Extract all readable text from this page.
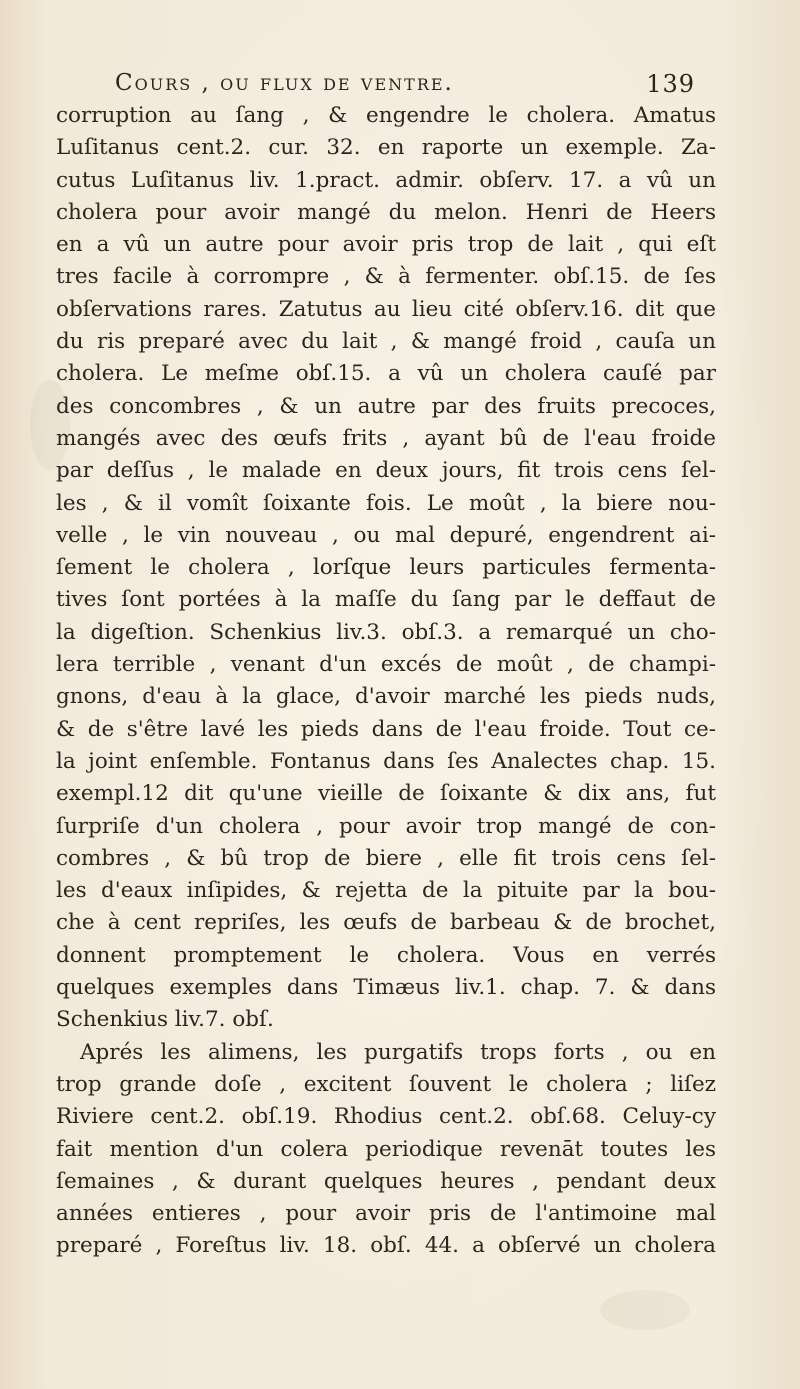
Cours , ou flux de ventre.	139
corruption au ſang , & engendre le cholera. Amatus
Luſitanus cent.2. cur. 32. en raporte un exemple. Za-
cutus Luſitanus liv. 1.pract. admir. obſerv. 17. a vû un
cholera pour avoir mangé du melon. Henri de Heers
en a vû un autre pour avoir pris trop de lait , qui eſt
tres facile à corrompre , & à fermenter. obſ.15. de ſes
obſervations rares. Zatutus au lieu cité obſerv.16. dit que
du ris preparé avec du lait , & mangé froid , cauſa un
cholera. Le meſme obſ.15. a vû un cholera cauſé par
des concombres , & un autre par des fruits precoces,
mangés avec des œufs frits , ayant bû de l'eau froide
par deſſus , le malade en deux jours, fit trois cens ſel-
les , & il vomît ſoixante fois. Le moût , la biere nou-
velle , le vin nouveau , ou mal depuré, engendrent ai-
ſement le cholera , lorſque leurs particules fermenta-
tives ſont portées à la maſſe du ſang par le deffaut de
la digeſtion. Schenkius liv.3. obſ.3. a remarqué un cho-
lera terrible , venant d'un excés de moût , de champi-
gnons, d'eau à la glace, d'avoir marché les pieds nuds,
& de s'être lavé les pieds dans de l'eau froide. Tout ce-
la joint enſemble. Fontanus dans ſes Analectes chap. 15.
exempl.12 dit qu'une vieille de ſoixante & dix ans, fut
ſurpriſe d'un cholera , pour avoir trop mangé de con-
combres , & bû trop de biere , elle fit trois cens ſel-
les d'eaux inſipides, & rejetta de la pituite par la bou-
che à cent repriſes, les œufs de barbeau & de brochet,
donnent promptement le cholera. Vous en verrés
quelques exemples dans Timæus liv.1. chap. 7. & dans
Schenkius liv.7. obſ.
Aprés les alimens, les purgatifs trops forts , ou en
trop grande doſe , excitent ſouvent le cholera ; liſez
Riviere cent.2. obſ.19. Rhodius cent.2. obſ.68. Celuy-cy
fait mention d'un colera periodique revenāt toutes les
ſemaines , & durant quelques heures , pendant deux
années entieres , pour avoir pris de l'antimoine mal
preparé , Foreſtus liv. 18. obſ. 44. a obſervé un cholera
